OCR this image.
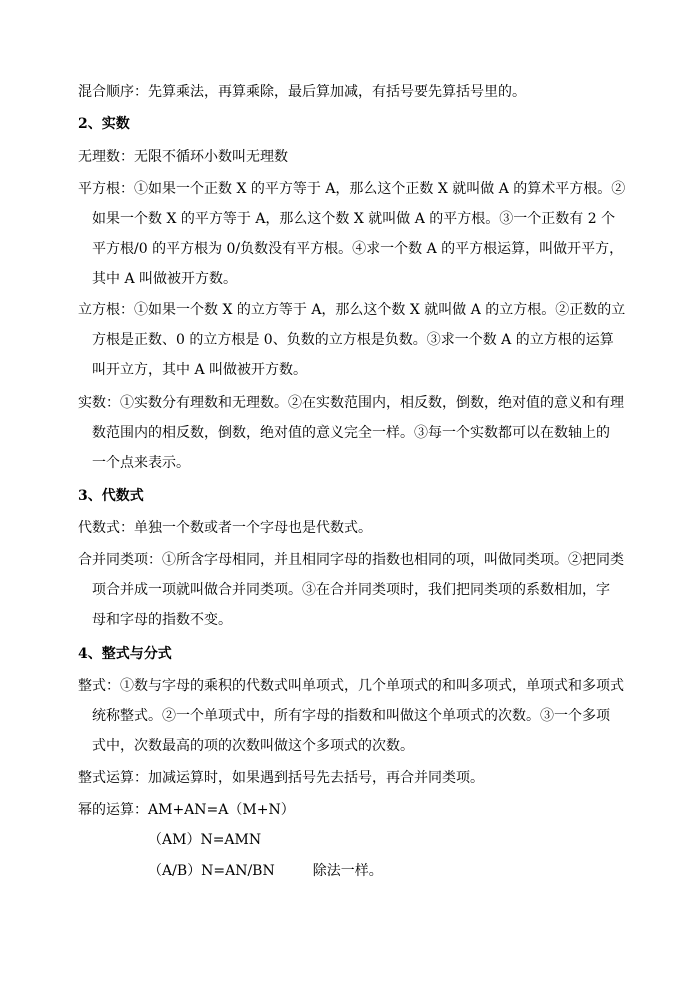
混合顺序：先算乘法，再算乘除，最后算加减，有括号要先算括号里的。
2、实数
无理数：无限不循环小数叫无理数
平方根：①如果一个正数 X 的平方等于 A，那么这个正数 X 就叫做 A 的算术平方根。②
如果一个数 X 的平方等于 A，那么这个数 X 就叫做 A 的平方根。③一个正数有 2 个
平方根/0 的平方根为 0/负数没有平方根。④求一个数 A 的平方根运算，叫做开平方，
其中 A 叫做被开方数。
立方根：①如果一个数 X 的立方等于 A，那么这个数 X 就叫做 A 的立方根。②正数的立
方根是正数、0 的立方根是 0、负数的立方根是负数。③求一个数 A 的立方根的运算
叫开立方，其中 A 叫做被开方数。
实数：①实数分有理数和无理数。②在实数范围内，相反数，倒数，绝对值的意义和有理
数范围内的相反数，倒数，绝对值的意义完全一样。③每一个实数都可以在数轴上的
一个点来表示。
3、代数式
代数式：单独一个数或者一个字母也是代数式。
合并同类项：①所含字母相同，并且相同字母的指数也相同的项，叫做同类项。②把同类
项合并成一项就叫做合并同类项。③在合并同类项时，我们把同类项的系数相加，字
母和字母的指数不变。
4、整式与分式
整式：①数与字母的乘积的代数式叫单项式，几个单项式的和叫多项式，单项式和多项式
统称整式。②一个单项式中，所有字母的指数和叫做这个单项式的次数。③一个多项
式中，次数最高的项的次数叫做这个多项式的次数。
整式运算：加减运算时，如果遇到括号先去括号，再合并同类项。
幂的运算：AM+AN=A（M+N）
（AM）N=AMN
（A/B）N=AN/BN	除法一样。
